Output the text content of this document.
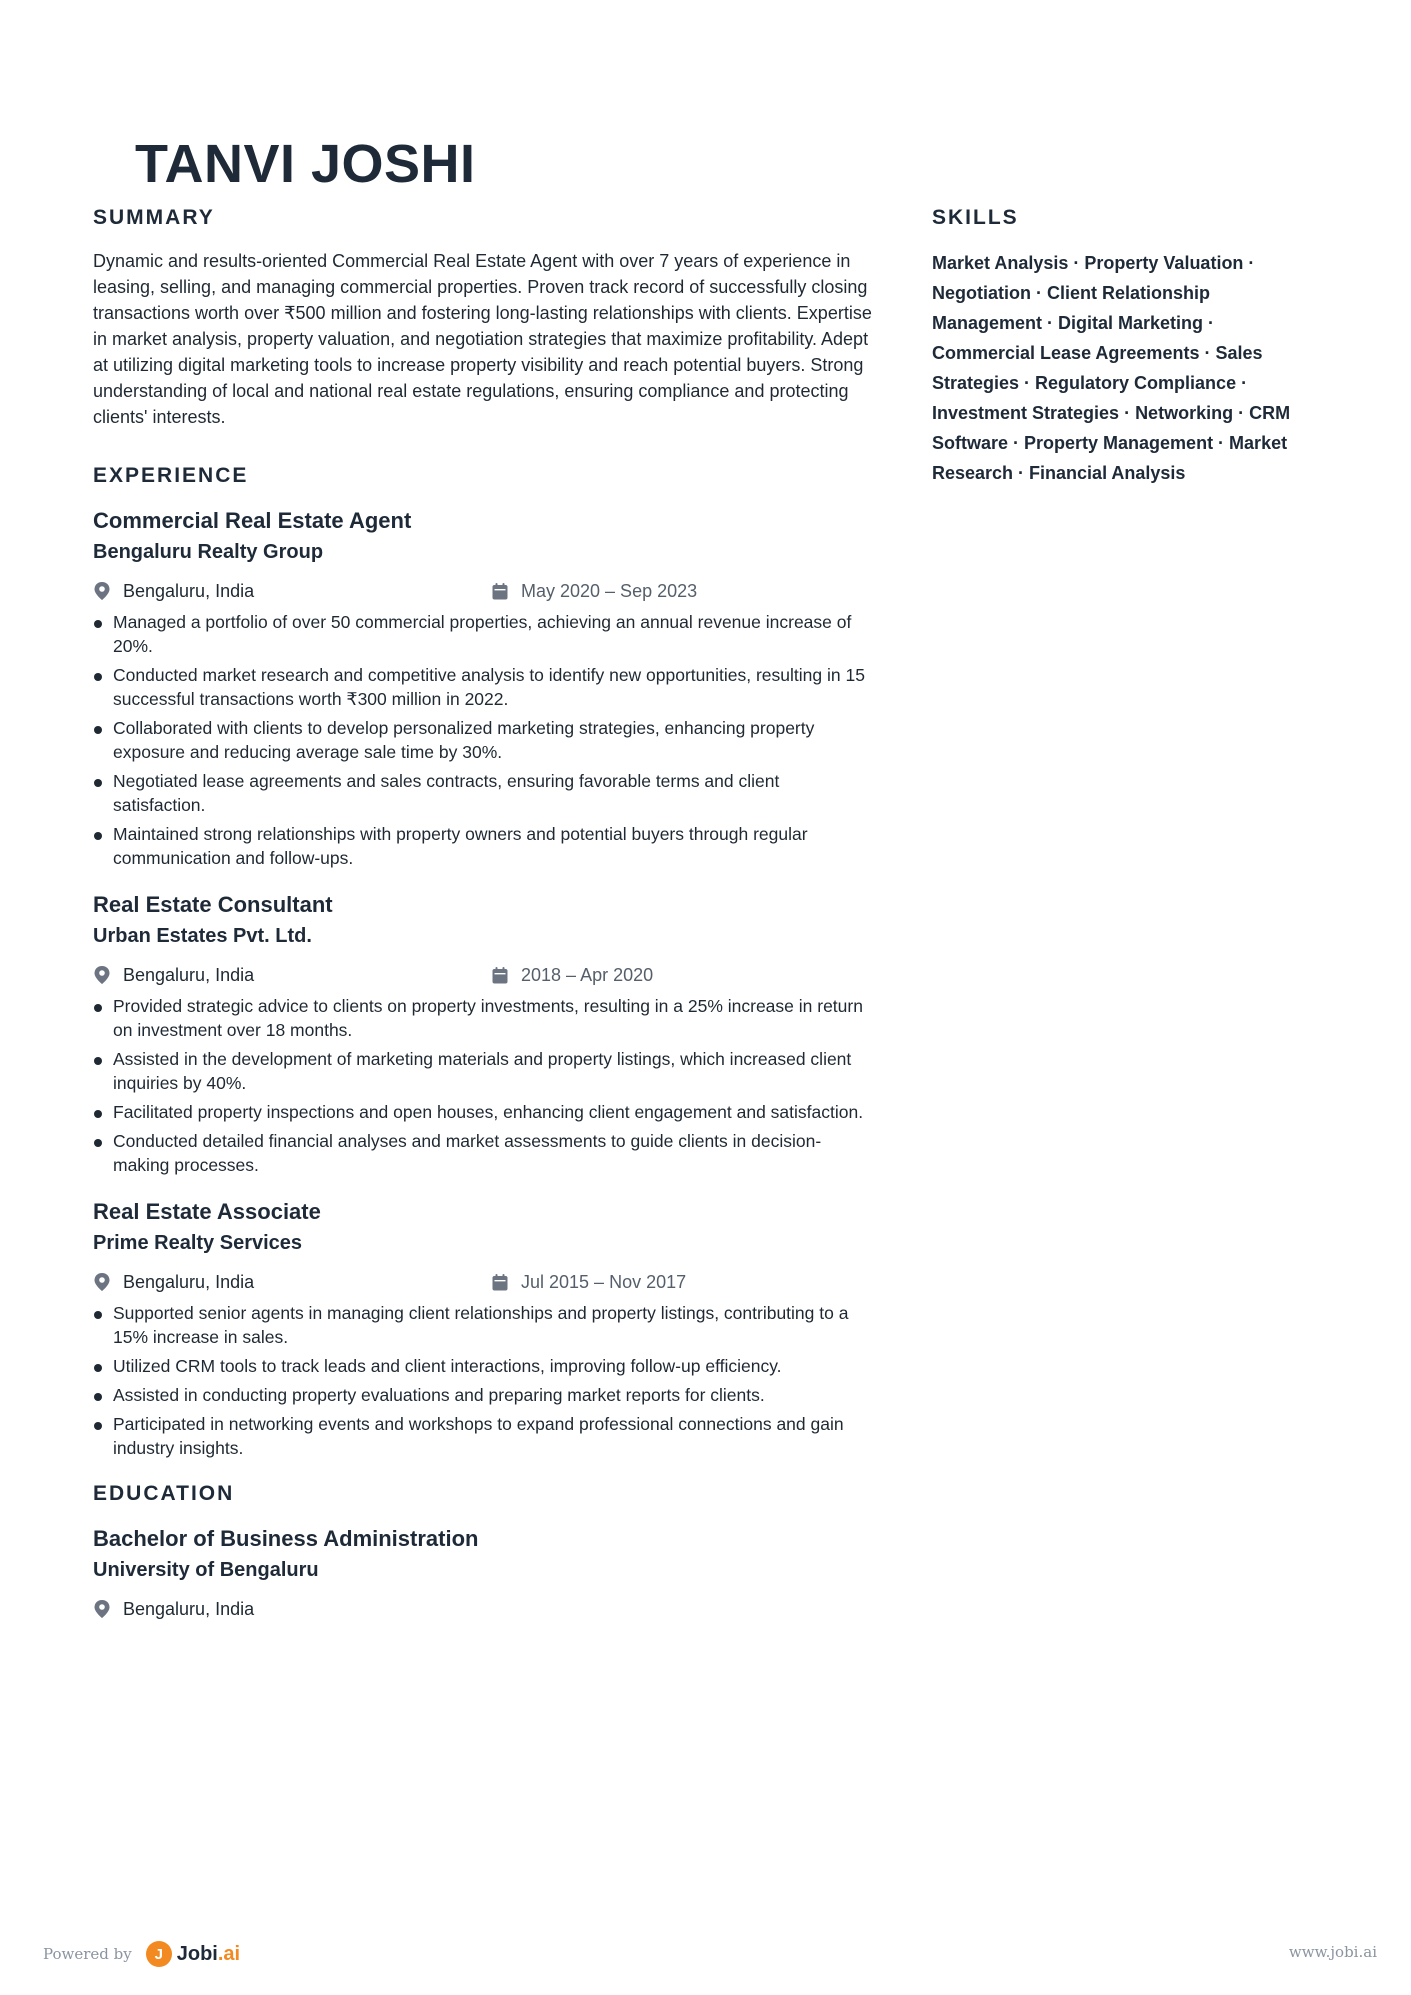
TANVI JOSHI
SUMMARY

Dynamic and results-oriented Commercial Real Estate Agent with over 7 years of experience in leasing, selling, and managing commercial properties. Proven track record of successfully closing transactions worth over ₹500 million and fostering long-lasting relationships with clients. Expertise in market analysis, property valuation, and negotiation strategies that maximize profitability. Adept at utilizing digital marketing tools to increase property visibility and reach potential buyers. Strong understanding of local and national real estate regulations, ensuring compliance and protecting clients' interests.

EXPERIENCE
Commercial Real Estate Agent
Bengaluru Realty Group
Bengaluru, India	May 2020 – Sep 2023
Managed a portfolio of over 50 commercial properties, achieving an annual revenue increase of 20%.
Conducted market research and competitive analysis to identify new opportunities, resulting in 15 successful transactions worth ₹300 million in 2022.
Collaborated with clients to develop personalized marketing strategies, enhancing property exposure and reducing average sale time by 30%.
Negotiated lease agreements and sales contracts, ensuring favorable terms and client satisfaction.
Maintained strong relationships with property owners and potential buyers through regular communication and follow-ups.
Real Estate Consultant
Urban Estates Pvt. Ltd.
Bengaluru, India	2018 – Apr 2020
Provided strategic advice to clients on property investments, resulting in a 25% increase in return on investment over 18 months.
Assisted in the development of marketing materials and property listings, which increased client inquiries by 40%.
Facilitated property inspections and open houses, enhancing client engagement and satisfaction.
Conducted detailed financial analyses and market assessments to guide clients in decision-making processes.
Real Estate Associate
Prime Realty Services
Bengaluru, India	Jul 2015 – Nov 2017
Supported senior agents in managing client relationships and property listings, contributing to a 15% increase in sales.
Utilized CRM tools to track leads and client interactions, improving follow-up efficiency.
Assisted in conducting property evaluations and preparing market reports for clients.
Participated in networking events and workshops to expand professional connections and gain industry insights.
EDUCATION
Bachelor of Business Administration
University of Bengaluru
Bengaluru, India
SKILLS

Market Analysis · Property Valuation · Negotiation · Client Relationship Management · Digital Marketing · Commercial Lease Agreements · Sales Strategies · Regulatory Compliance · Investment Strategies · Networking · CRM Software · Property Management · Market Research · Financial Analysis

Powered by	J Jobi.ai	www.jobi.ai
